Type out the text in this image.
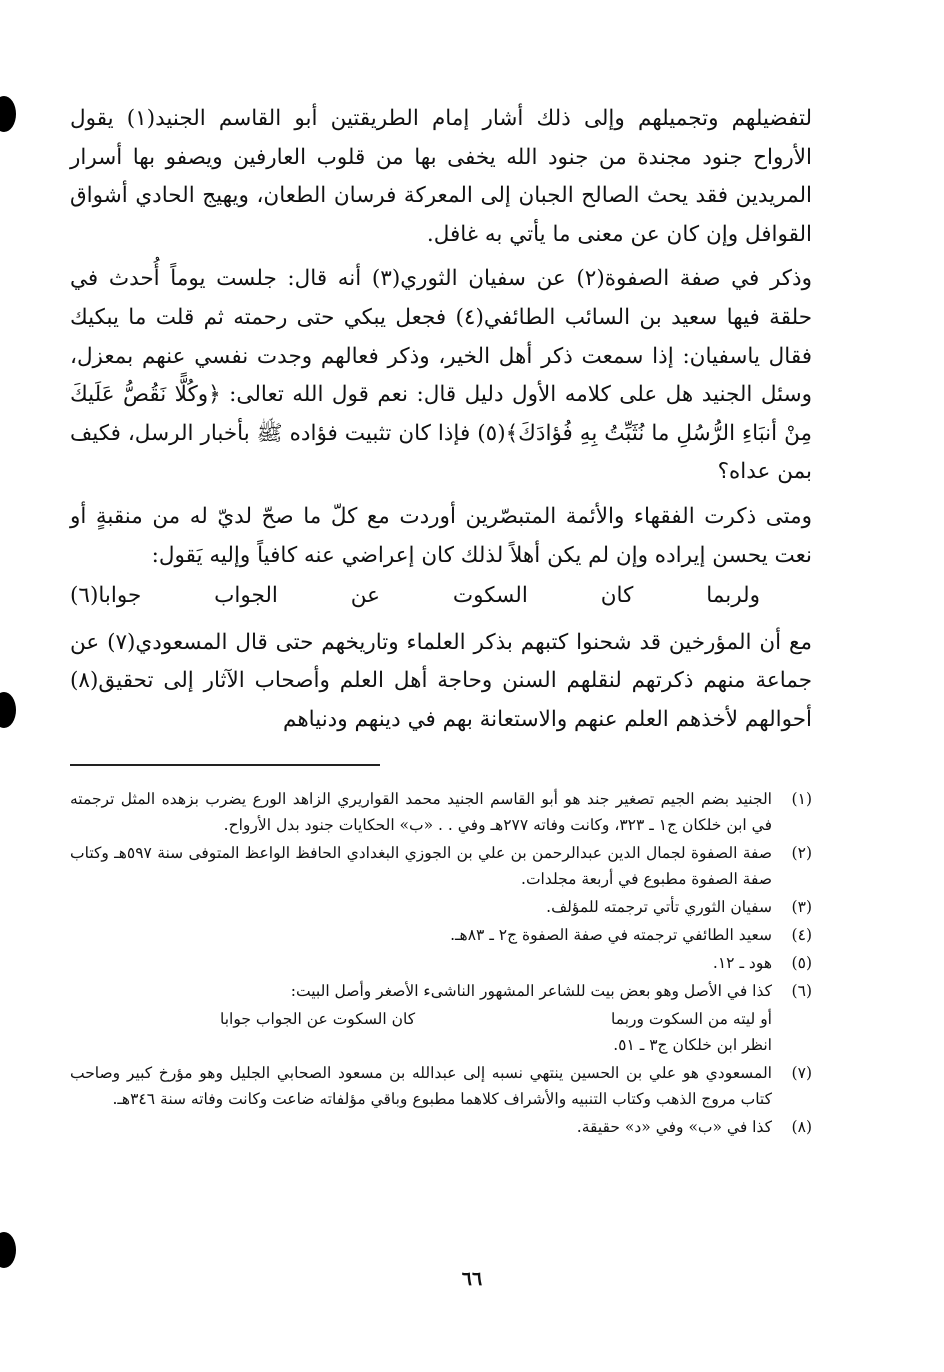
لتفضيلهم وتجميلهم وإلى ذلك أشار إمام الطريقتين أبو القاسم الجنيد(١) يقول الأرواح جنود مجندة من جنود الله يخفى بها من قلوب العارفين ويصفو بها أسرار المريدين فقد يحث الصالح الجبان إلى المعركة فرسان الطعان، ويهيج الحادي أشواق القوافل وإن كان عن معنى ما يأتي به غافل.

وذكر في صفة الصفوة(٢) عن سفيان الثوري(٣) أنه قال: جلست يوماً أُحدث في حلقة فيها سعيد بن السائب الطائفي(٤) فجعل يبكي حتى رحمته ثم قلت ما يبكيك فقال ياسفيان: إذا سمعت ذكر أهل الخير، وذكر فعالهم وجدت نفسي عنهم بمعزل، وسئل الجنيد هل على كلامه الأول دليل قال: نعم قول الله تعالى: ﴿وكُلًّا نَقُصُّ عَلَيكَ مِنْ أنبَاءِ الرُّسُلِ ما نُثَبِّتُ بِهِ فُؤادَكَ﴾(٥) فإذا كان تثبيت فؤاده ﷺ بأخبار الرسل، فكيف بمن عداه؟

ومتى ذكرت الفقهاء والأئمة المتبصّرين أوردت مع كلّ ما صحّ لديّ له من منقبةٍ أو نعت يحسن إيراده وإن لم يكن أهلاً لذلك كان إعراضي عنه كافياً وإليه يَقول:

ولربما كان السكوت عن الجواب جوابا(٦)

مع أن المؤرخين قد شحنوا كتبهم بذكر العلماء وتاريخهم حتى قال المسعودي(٧) عن جماعة منهم ذكرتهم لنقلهم السنن وحاجة أهل العلم وأصحاب الآثار إلى تحقيق(٨) أحوالهم لأخذهم العلم عنهم والاستعانة بهم في دينهم ودنياهم

(١)
الجنيد بضم الجيم تصغير جند هو أبو القاسم الجنيد محمد القواريري الزاهد الورع يضرب بزهده المثل ترجمته في ابن خلكان ج١ ـ ٣٢٣، وكانت وفاته ٢٧٧هـ وفي . . «ب» الحكايات جنود بدل الأرواح.
(٢)
صفة الصفوة لجمال الدين عبدالرحمن بن علي بن الجوزي البغدادي الحافظ الواعظ المتوفى سنة ٥٩٧هـ وكتاب صفة الصفوة مطبوع في أربعة مجلدات.
(٣)
سفيان الثوري تأتي ترجمته للمؤلف.
(٤)
سعيد الطائفي ترجمته في صفة الصفوة ج٢ ـ ٨٣هـ.
(٥)
هود ـ ١٢.
(٦)
كذا في الأصل وهو بعض بيت للشاعر المشهور الناشىء الأصغر وأصل البيت:
أو ليته من السكوت وربما
كان السكوت عن الجواب جوابا
انظر ابن خلكان ج٣ ـ ٥١.
(٧)
المسعودي هو علي بن الحسين ينتهي نسبه إلى عبدالله بن مسعود الصحابي الجليل وهو مؤرخ كبير وصاحب كتاب مروج الذهب وكتاب التنبيه والأشراف كلاهما مطبوع وباقي مؤلفاته ضاعت وكانت وفاته سنة ٣٤٦هـ.
(٨)
كذا في «ب» وفي «د» حقيقة.
٦٦
